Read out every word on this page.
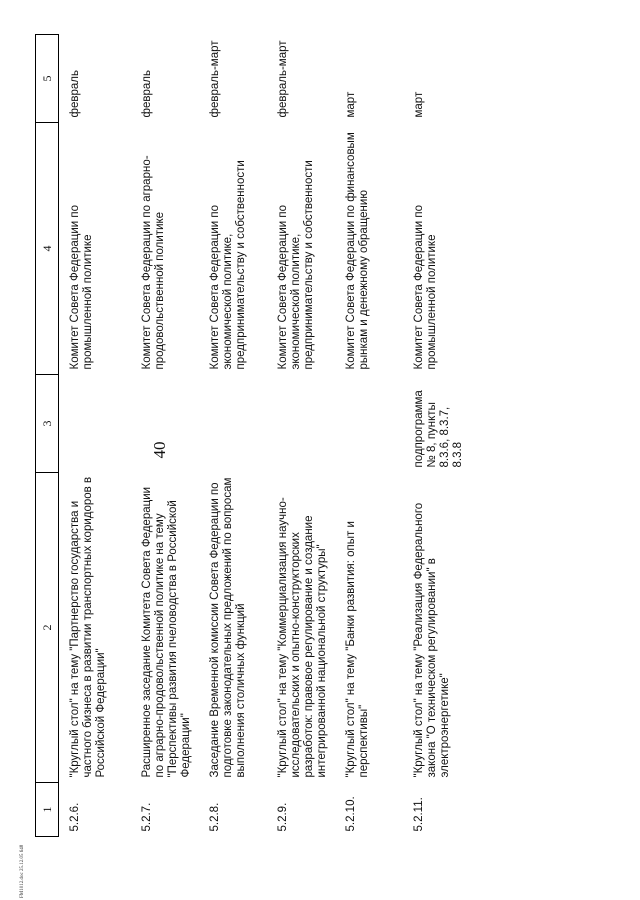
FM1012.doc 25.12.05 648
40
1	2	3	4	5
5.2.6.	"Круглый стол" на тему "Партнерство государства и частного бизнеса в развитии транспортных коридоров в Российской Федерации"		Комитет Совета Федерации по промышленной политике	февраль
5.2.7.	Расширенное заседание Комитета Совета Федерации по аграрно-продовольственной политике на тему "Перспективы развития пчеловодства в Российской Федерации"		Комитет Совета Федерации по аграрно-продовольственной политике	февраль
5.2.8.	Заседание Временной комиссии Совета Федерации по подготовке законодательных предложений по вопросам выполнения столичных функций		Комитет Совета Федерации по экономической политике, предпринимательству и собственности	февраль-март
5.2.9.	"Круглый стол" на тему "Коммерциализация научно-исследовательских и опытно-конструкторских разработок: правовое регулирование и создание интегрированной национальной структуры"		Комитет Совета Федерации по экономической политике, предпринимательству и собственности	февраль-март
5.2.10.	"Круглый стол" на тему "Банки развития: опыт и перспективы"		Комитет Совета Федерации по финансовым рынкам и денежному обращению	март
5.2.11.	"Круглый стол" на тему "Реализация Федерального закона "О техническом регулировании" в электроэнергетике"	подпрограмма № 8, пункты 8.3.6, 8.3.7, 8.3.8	Комитет Совета Федерации по промышленной политике	март
